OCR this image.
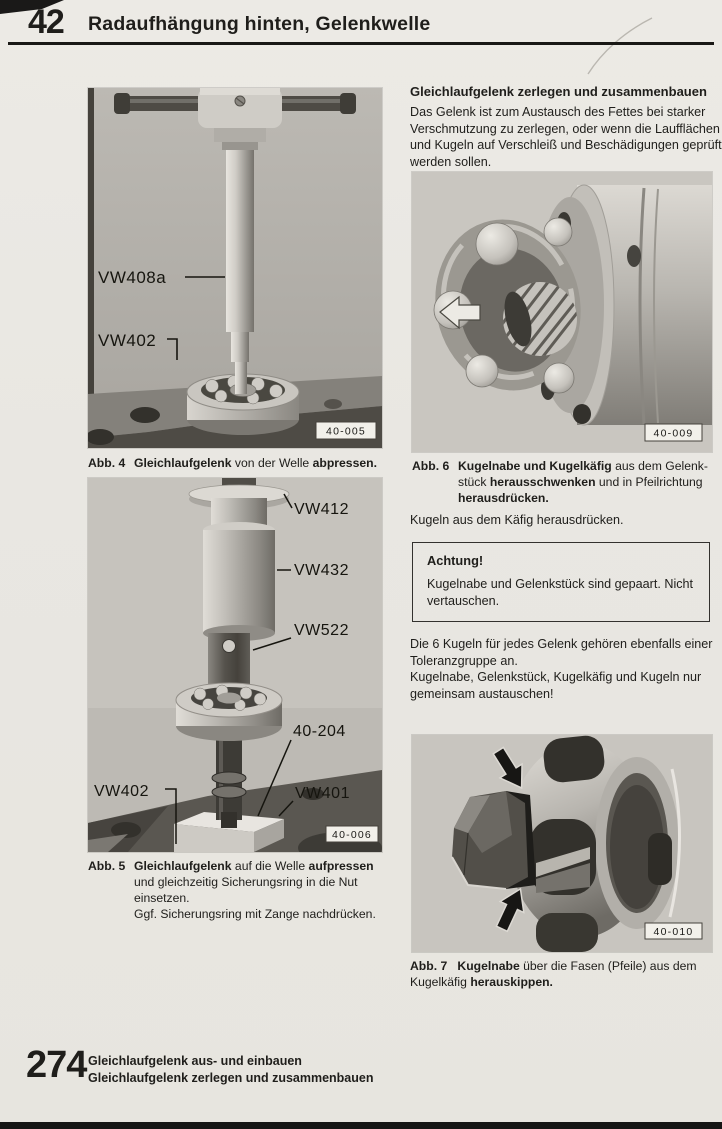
42 Radaufhängung hinten, Gelenkwelle
VW408a
VW402
40-005
Abb. 4 Gleichlaufgelenk von der Welle abpressen.
VW412
VW432
VW522
40-204
VW402	VW401
40-006
Abb. 5 Gleichlaufgelenk auf die Welle aufpressen
und gleichzeitig Sicherungsring in die Nut
einsetzen.
Ggf. Sicherungsring mit Zange nachdrücken.
Gleichlaufgelenk zerlegen und zusammenbauen
Das Gelenk ist zum Austausch des Fettes bei starker
Verschmutzung zu zerlegen, oder wenn die Laufflächen
und Kugeln auf Verschleiß und Beschädigungen geprüft
werden sollen.
40-009
Abb. 6 Kugelnabe und Kugelkäfig aus dem Gelenk-
stück herausschwenken und in Pfeilrichtung
herausdrücken.
Kugeln aus dem Käfig herausdrücken.
Achtung!
Kugelnabe und Gelenkstück sind gepaart. Nicht
vertauschen.
Die 6 Kugeln für jedes Gelenk gehören ebenfalls einer
Toleranzgruppe an.
Kugelnabe, Gelenkstück, Kugelkäfig und Kugeln nur
gemeinsam austauschen!
40-010
Abb. 7 Kugelnabe über die Fasen (Pfeile) aus dem
Kugelkäfig herauskippen.
274 Gleichlaufgelenk aus- und einbauen
Gleichlaufgelenk zerlegen und zusammenbauen
